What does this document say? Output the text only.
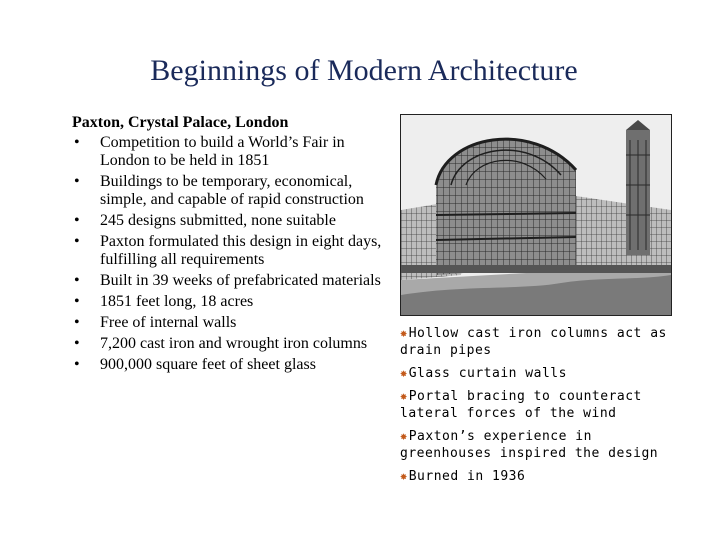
Beginnings of Modern Architecture
Paxton, Crystal Palace, London
• Competition to build a World’s Fair in London to be held in 1851
• Buildings to be temporary, economical, simple, and capable of rapid construction
• 245 designs submitted, none suitable
• Paxton formulated this design in eight days, fulfilling all requirements
• Built in 39 weeks of prefabricated materials
• 1851 feet long, 18 acres
• Free of internal walls
• 7,200 cast iron and wrought iron columns
• 900,000 square feet of sheet glass
✸Hollow cast iron columns act as drain pipes
✸Glass curtain walls
✸Portal bracing to counteract lateral forces of the wind
✸Paxton’s experience in greenhouses inspired the design
✸Burned in 1936
